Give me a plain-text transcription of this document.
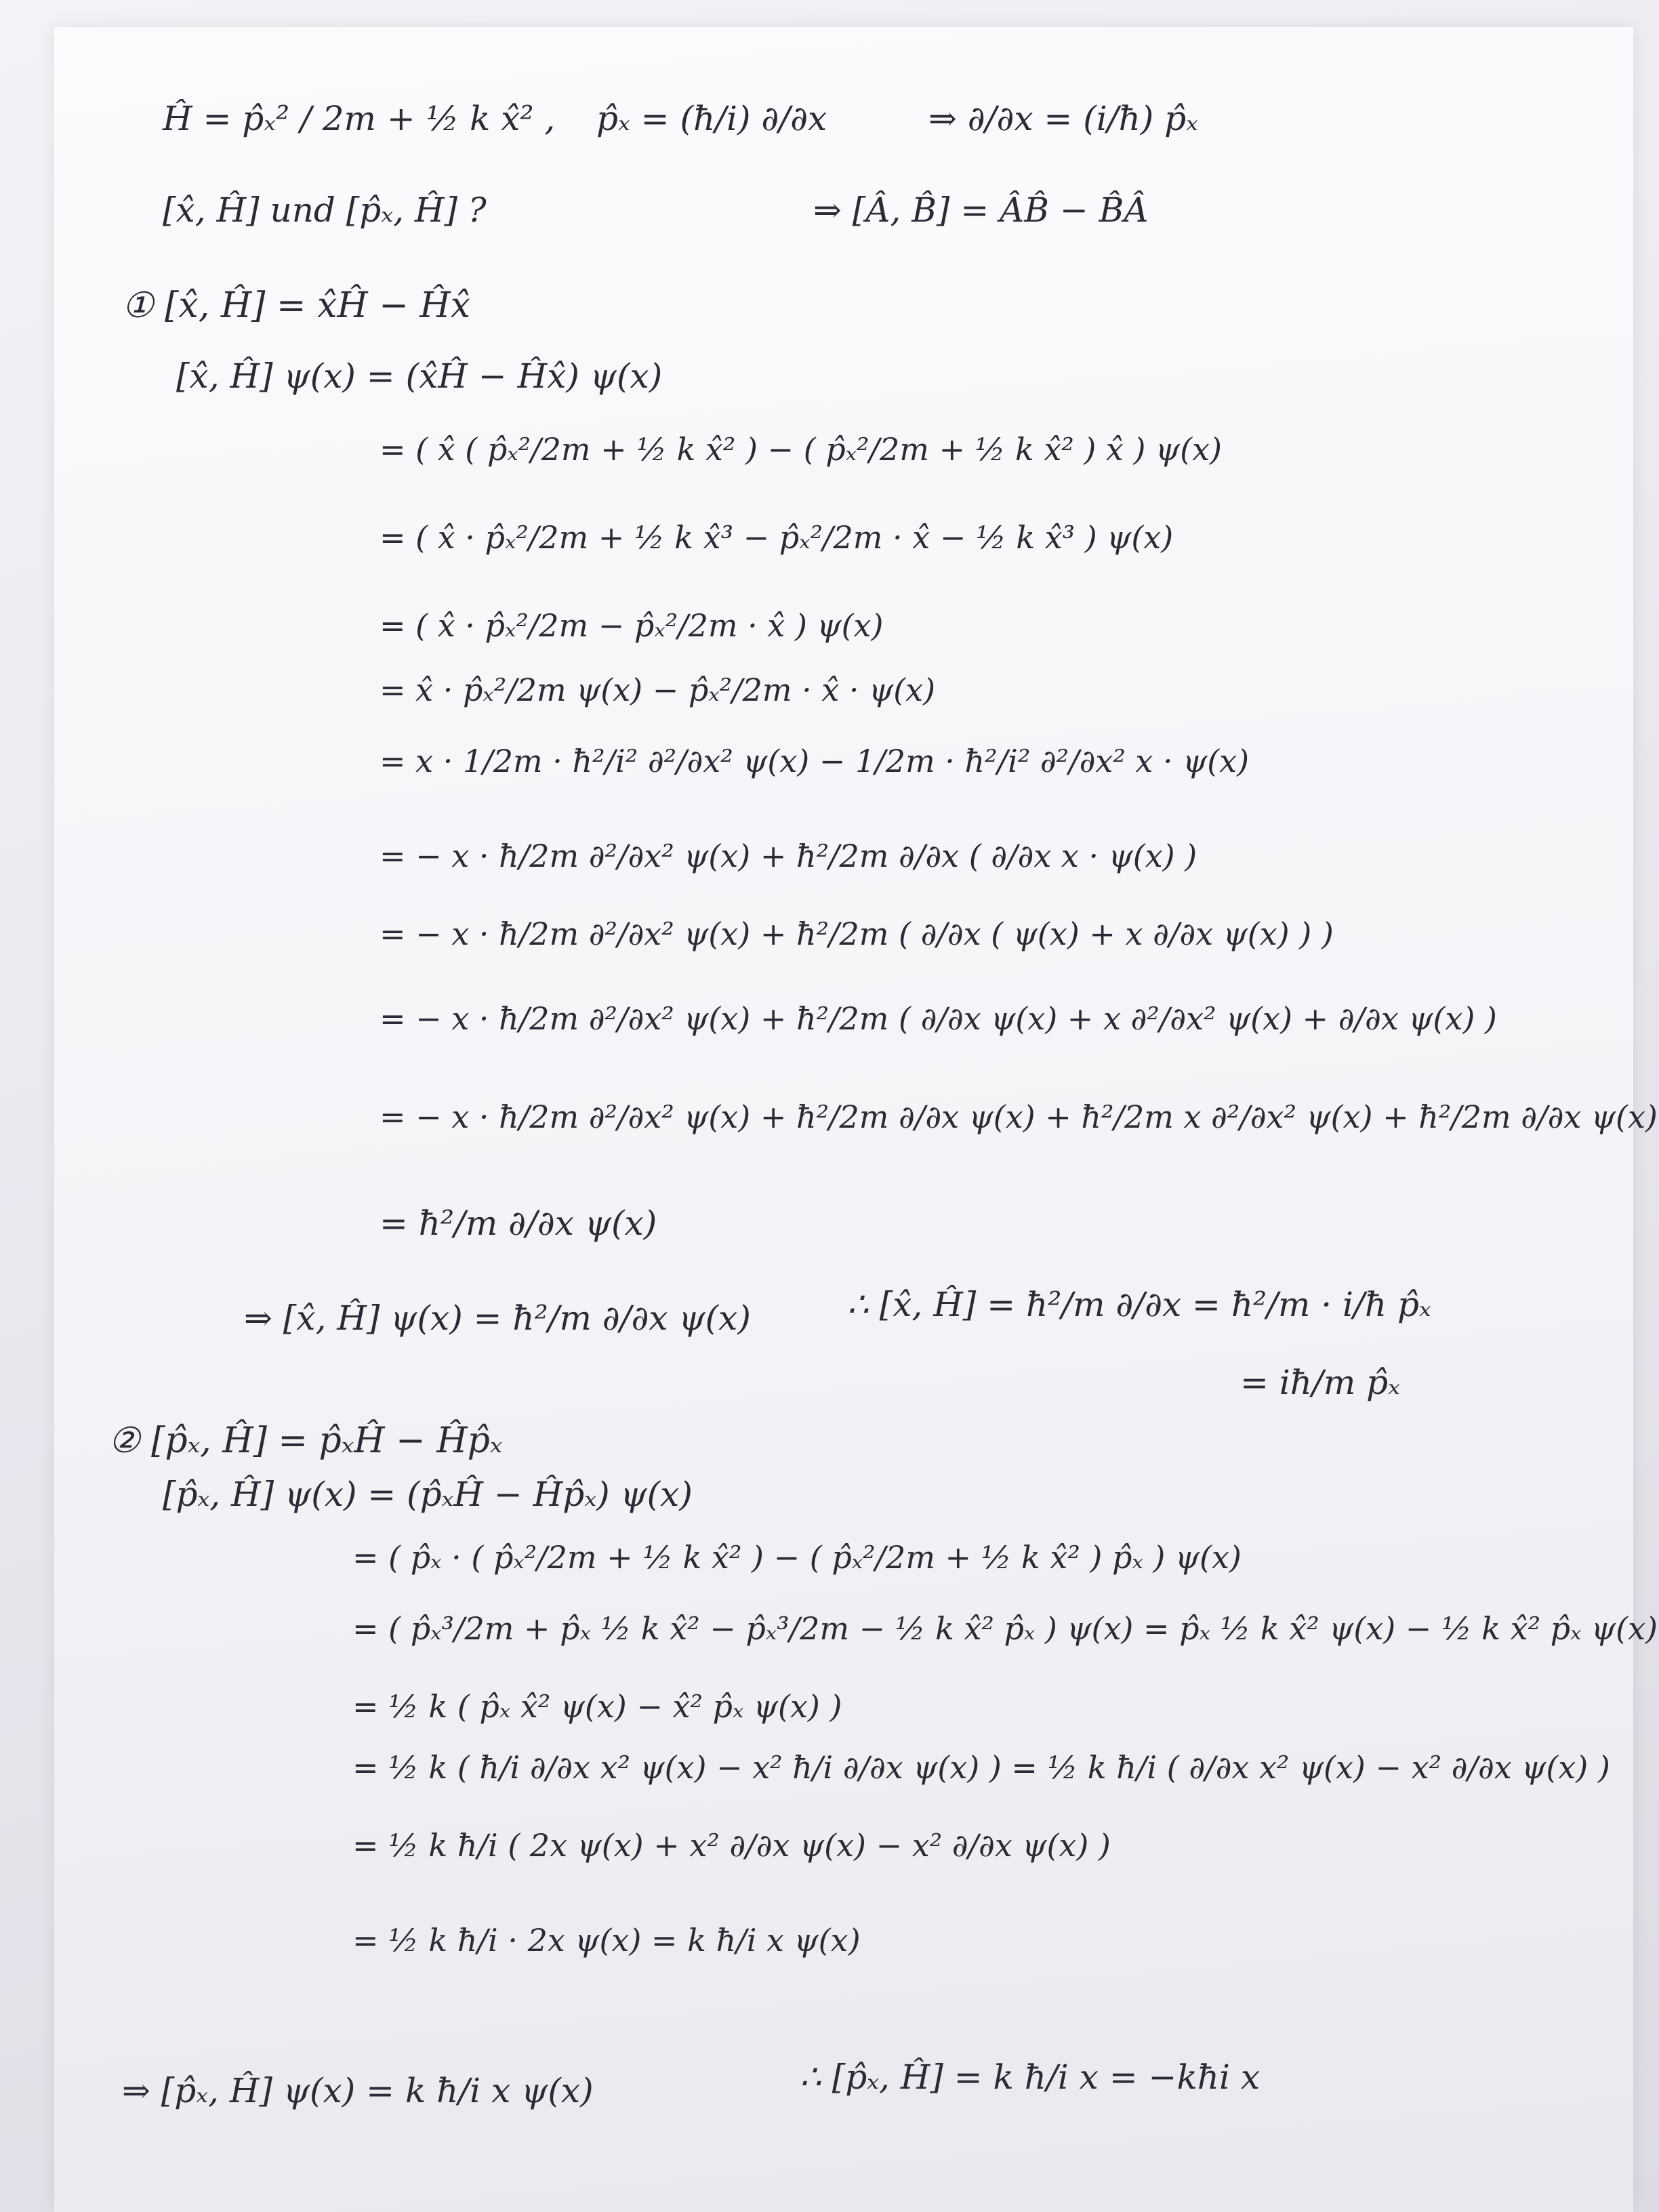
Ĥ = p̂ₓ² / 2m + ½ k x̂² , p̂ₓ = (ħ/i) ∂/∂x	⇒ ∂/∂x = (i/ħ) p̂ₓ
[x̂, Ĥ] und [p̂ₓ, Ĥ] ?	⇒ [Â, B̂] = ÂB̂ − B̂Â
① [x̂, Ĥ] = x̂Ĥ − Ĥx̂
[x̂, Ĥ] ψ(x) = (x̂Ĥ − Ĥx̂) ψ(x)
= ( x̂ ( p̂ₓ²/2m + ½ k x̂² ) − ( p̂ₓ²/2m + ½ k x̂² ) x̂ ) ψ(x)
= ( x̂ · p̂ₓ²/2m + ½ k x̂³ − p̂ₓ²/2m · x̂ − ½ k x̂³ ) ψ(x)
= ( x̂ · p̂ₓ²/2m − p̂ₓ²/2m · x̂ ) ψ(x)
= x̂ · p̂ₓ²/2m ψ(x) − p̂ₓ²/2m · x̂ · ψ(x)
= x · 1/2m · ħ²/i² ∂²/∂x² ψ(x) − 1/2m · ħ²/i² ∂²/∂x² x · ψ(x)
= − x · ħ/2m ∂²/∂x² ψ(x) + ħ²/2m ∂/∂x ( ∂/∂x x · ψ(x) )
= − x · ħ/2m ∂²/∂x² ψ(x) + ħ²/2m ( ∂/∂x ( ψ(x) + x ∂/∂x ψ(x) ) )
= − x · ħ/2m ∂²/∂x² ψ(x) + ħ²/2m ( ∂/∂x ψ(x) + x ∂²/∂x² ψ(x) + ∂/∂x ψ(x) )
= − x · ħ/2m ∂²/∂x² ψ(x) + ħ²/2m ∂/∂x ψ(x) + ħ²/2m x ∂²/∂x² ψ(x) + ħ²/2m ∂/∂x ψ(x)
= ħ²/m ∂/∂x ψ(x)
⇒ [x̂, Ĥ] ψ(x) = ħ²/m ∂/∂x ψ(x)	∴ [x̂, Ĥ] = ħ²/m ∂/∂x = ħ²/m · i/ħ p̂ₓ
= iħ/m p̂ₓ
② [p̂ₓ, Ĥ] = p̂ₓĤ − Ĥp̂ₓ
[p̂ₓ, Ĥ] ψ(x) = (p̂ₓĤ − Ĥp̂ₓ) ψ(x)
= ( p̂ₓ · ( p̂ₓ²/2m + ½ k x̂² ) − ( p̂ₓ²/2m + ½ k x̂² ) p̂ₓ ) ψ(x)
= ( p̂ₓ³/2m + p̂ₓ ½ k x̂² − p̂ₓ³/2m − ½ k x̂² p̂ₓ ) ψ(x) = p̂ₓ ½ k x̂² ψ(x) − ½ k x̂² p̂ₓ ψ(x)
= ½ k ( p̂ₓ x̂² ψ(x) − x̂² p̂ₓ ψ(x) )
= ½ k ( ħ/i ∂/∂x x² ψ(x) − x² ħ/i ∂/∂x ψ(x) ) = ½ k ħ/i ( ∂/∂x x² ψ(x) − x² ∂/∂x ψ(x) )
= ½ k ħ/i ( 2x ψ(x) + x² ∂/∂x ψ(x) − x² ∂/∂x ψ(x) )
= ½ k ħ/i · 2x ψ(x) = k ħ/i x ψ(x)
⇒ [p̂ₓ, Ĥ] ψ(x) = k ħ/i x ψ(x)	∴ [p̂ₓ, Ĥ] = k ħ/i x = −kħi x
